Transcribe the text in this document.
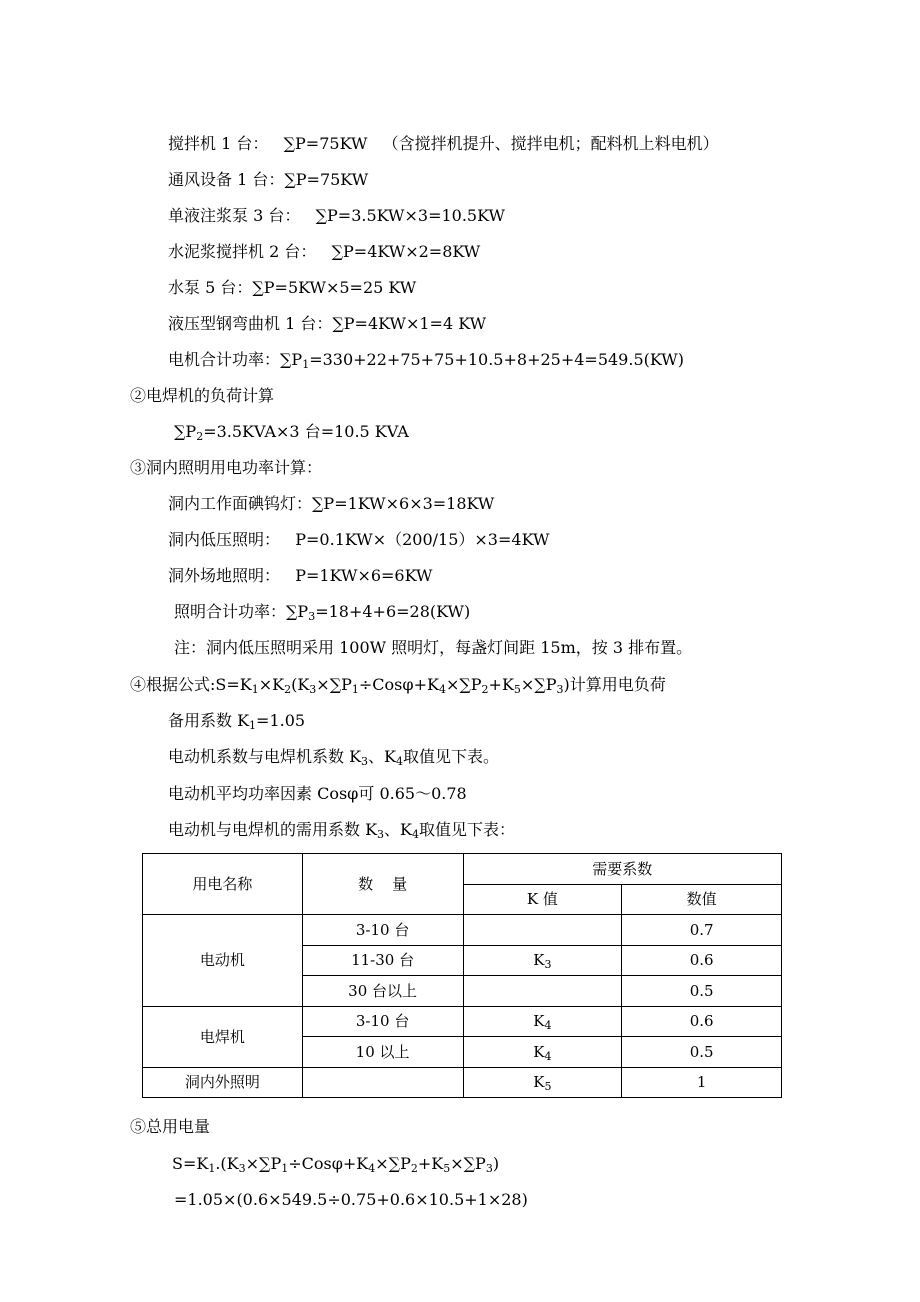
搅拌机 1 台：   ∑P=75KW   （含搅拌机提升、搅拌电机；配料机上料电机）
通风设备 1 台：∑P=75KW
单液注浆泵 3 台：   ∑P=3.5KW×3=10.5KW
水泥浆搅拌机 2 台：   ∑P=4KW×2=8KW
水泵 5 台：∑P=5KW×5=25 KW
液压型钢弯曲机 1 台：∑P=4KW×1=4 KW
电机合计功率：$\sum P_1=330+22+75+75+10.5+8+25+4=549.5(KW)$
②电焊机的负荷计算
$\sum P_2=3.5KVA\times 3$ 台=10.5 KVA
③洞内照明用电功率计算：
洞内工作面碘钨灯：∑P=1KW×6×3=18KW
洞内低压照明：   P=0.1KW×（200/15）×3=4KW
洞外场地照明：   P=1KW×6=6KW
照明合计功率：$\sum P_3=18+4+6=28(KW)$
注：洞内低压照明采用 100W 照明灯，每盏灯间距 15m，按 3 排布置。
④根据公式$:S=K_1\times K_2(K_3\times\sum P_1\div Cos\varphi+K_4\times\sum P_2+K_5\times\sum P_3)$计算用电负荷
备用系数 $K_1=1.05$
电动机系数与电焊机系数 $K_3$、$K_4$取值见下表。
电动机平均功率因素 Cosφ可 0.65～0.78
电动机与电焊机的需用系数 $K_3$、$K_4$取值见下表：
用电名称	数    量	需要系数	
		K 值	数值
电动机	3-10 台		0.7
	11-30 台	$K_3$	0.6
	30 台以上		0.5
电焊机	3-10 台	$K_4$	0.6
	10 以上	$K_4$	0.5
洞内外照明		$K_5$	1
⑤总用电量
$S=K_1.(K_3\times\sum P_1\div Cos\varphi+K_4\times\sum P_2+K_5\times\sum P_3)$
=1.05×(0.6×549.5÷0.75+0.6×10.5+1×28)
